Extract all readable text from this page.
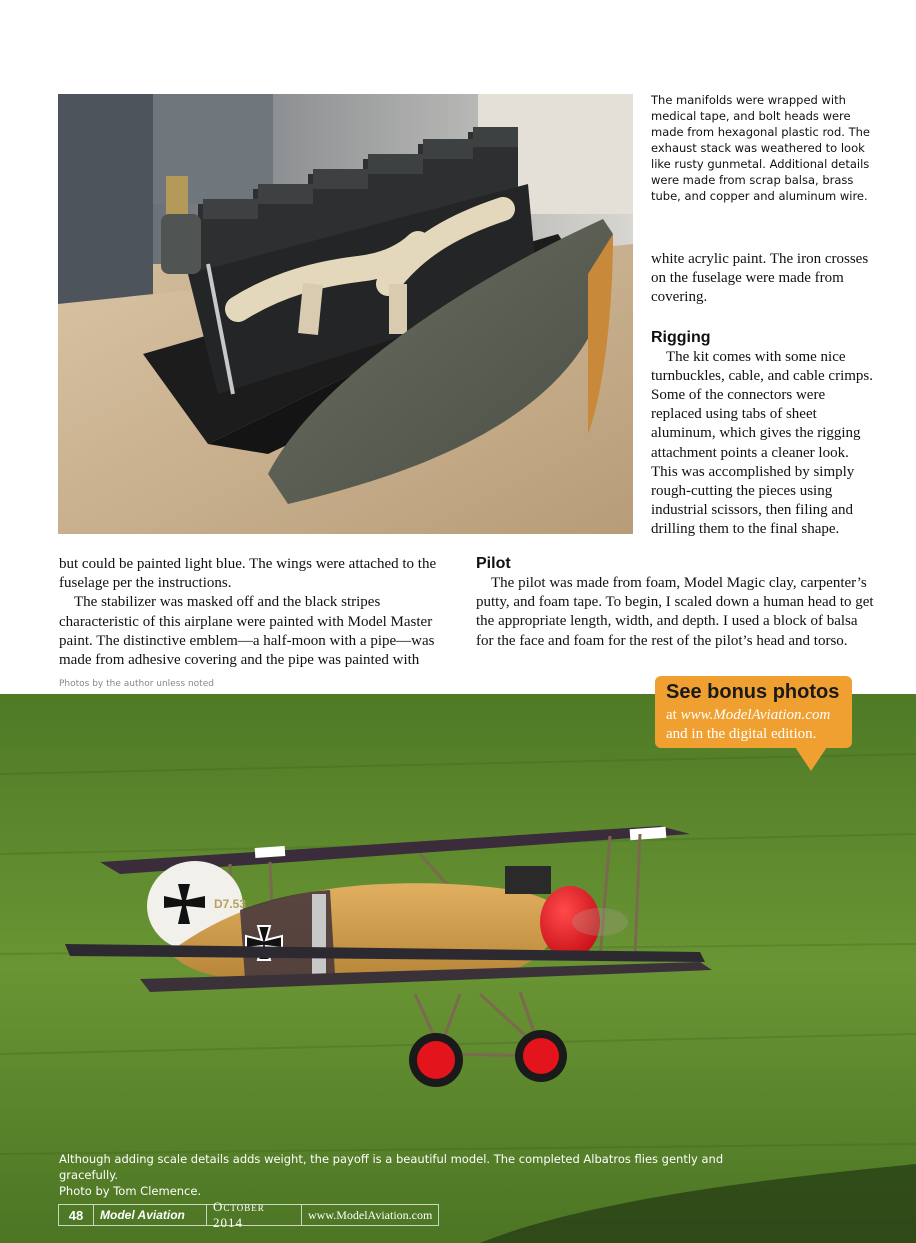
The manifolds were wrapped with medical tape, and bolt heads were made from hexagonal plastic rod. The exhaust stack was weathered to look like rusty gunmetal. Additional details were made from scrap balsa, brass tube, and copper and aluminum wire.

white acrylic paint. The iron crosses on the fuselage were made from covering.

Rigging

The kit comes with some nice turnbuckles, cable, and cable crimps. Some of the connectors were replaced using tabs of sheet aluminum, which gives the rigging attachment points a cleaner look. This was accomplished by simply rough-cutting the pieces using industrial scissors, then filing and drilling them to the final shape.

but could be painted light blue. The wings were attached to the fuselage per the instructions.

The stabilizer was masked off and the black stripes characteristic of this airplane were painted with Model Master paint. The distinctive emblem—a half-moon with a pipe—was made from adhesive covering and the pipe was painted with

Pilot

The pilot was made from foam, Model Magic clay, carpenter’s putty, and foam tape. To begin, I scaled down a human head to get the appropriate length, width, and depth. I used a block of balsa for the face and foam for the rest of the pilot’s head and torso.

Photos by the author unless noted
D7.53
See bonus photos
at www.ModelAviation.com
and in the digital edition.
Although adding scale details adds weight, the payoff is a beautiful model. The completed Albatros flies gently and gracefully.
Photo by Tom Clemence.
48	Model Aviation
October 2014
www.ModelAviation.com
